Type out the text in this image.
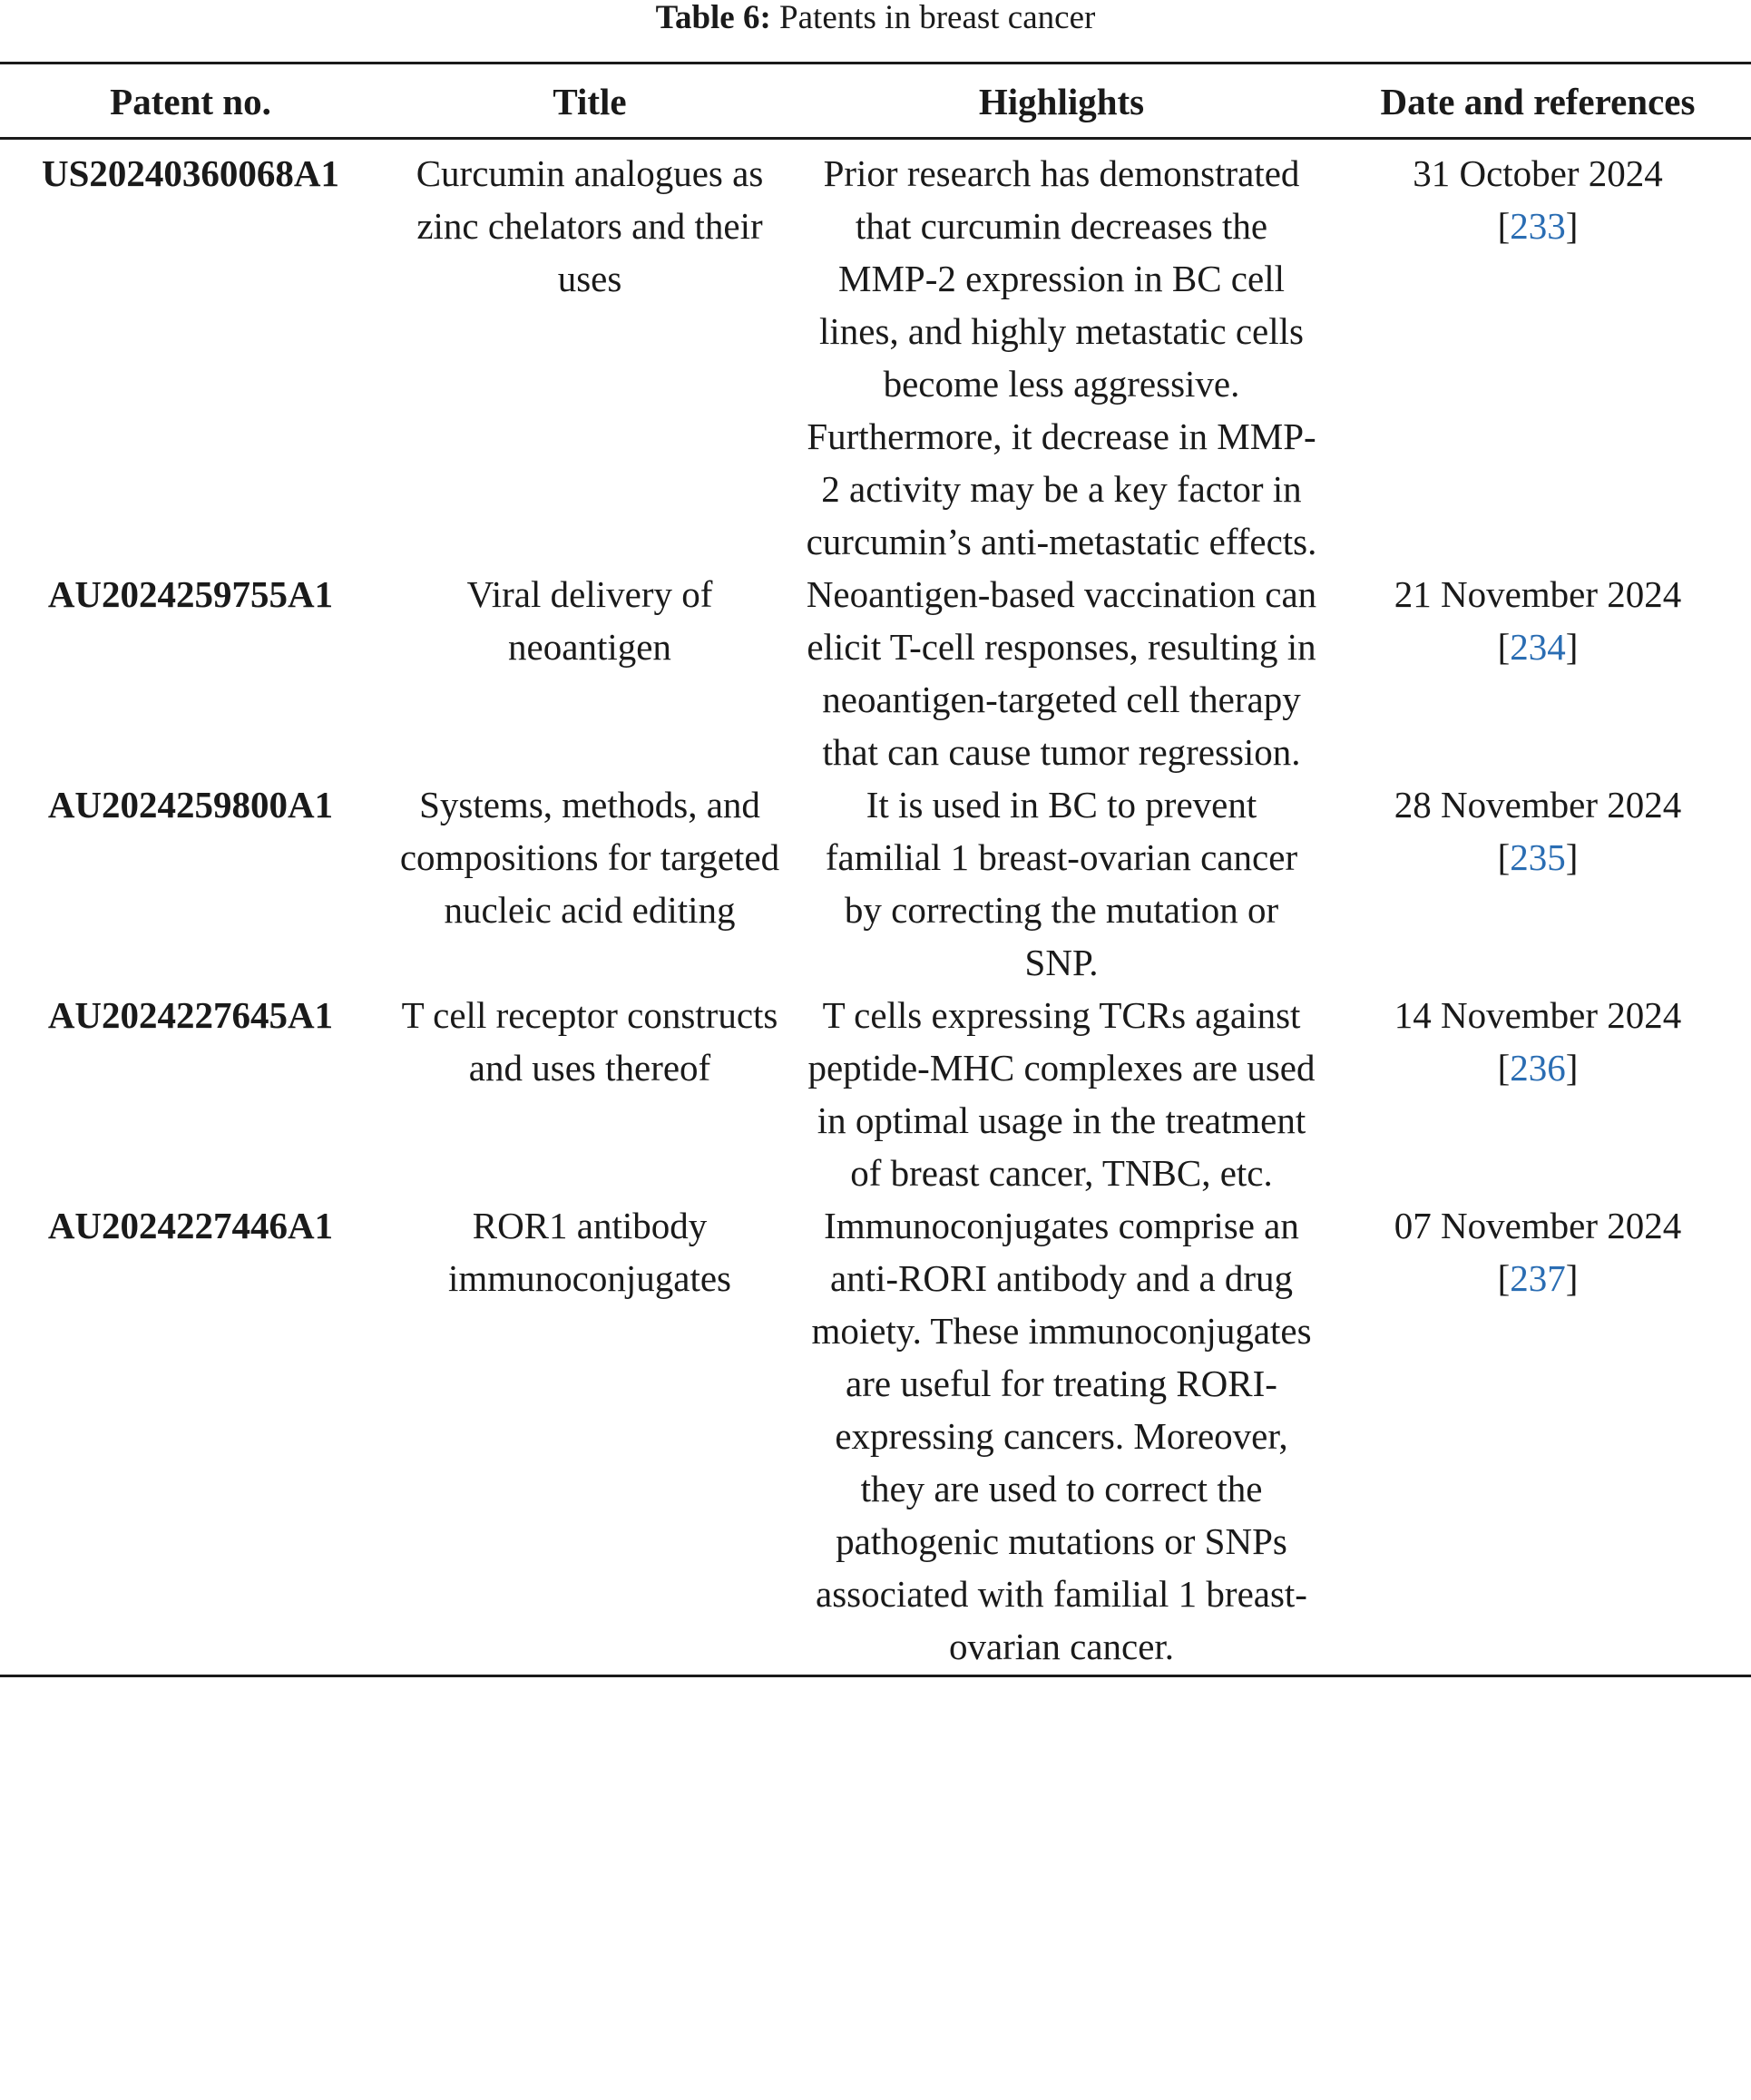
Table 6: Patents in breast cancer
Patent no.	Title	Highlights	Date and references
US20240360068A1	Curcumin analogues as zinc chelators and their uses	Prior research has demonstrated that curcumin decreases the MMP-2 expression in BC cell lines, and highly metastatic cells become less aggressive. Furthermore, it decrease in MMP-2 activity may be a key factor in curcumin’s anti-metastatic effects.	31 October 2024
[233]

AU2024259755A1	Viral delivery of neoantigen	Neoantigen-based vaccination can elicit T-cell responses, resulting in neoantigen-targeted cell therapy that can cause tumor regression.	21 November 2024
[234]

AU2024259800A1	Systems, methods, and compositions for targeted nucleic acid editing	It is used in BC to prevent familial 1 breast-ovarian cancer by correcting the mutation or SNP.	28 November 2024
[235]

AU2024227645A1	T cell receptor constructs and uses thereof	T cells expressing TCRs against peptide-MHC complexes are used in optimal usage in the treatment of breast cancer, TNBC, etc.	14 November 2024
[236]

AU2024227446A1	ROR1 antibody immunoconjugates	Immunoconjugates comprise an anti-RORI antibody and a drug moiety. These immunoconjugates are useful for treating RORI-expressing cancers. Moreover, they are used to correct the pathogenic mutations or SNPs associated with familial 1 breast-ovarian cancer.	07 November 2024
[237]
